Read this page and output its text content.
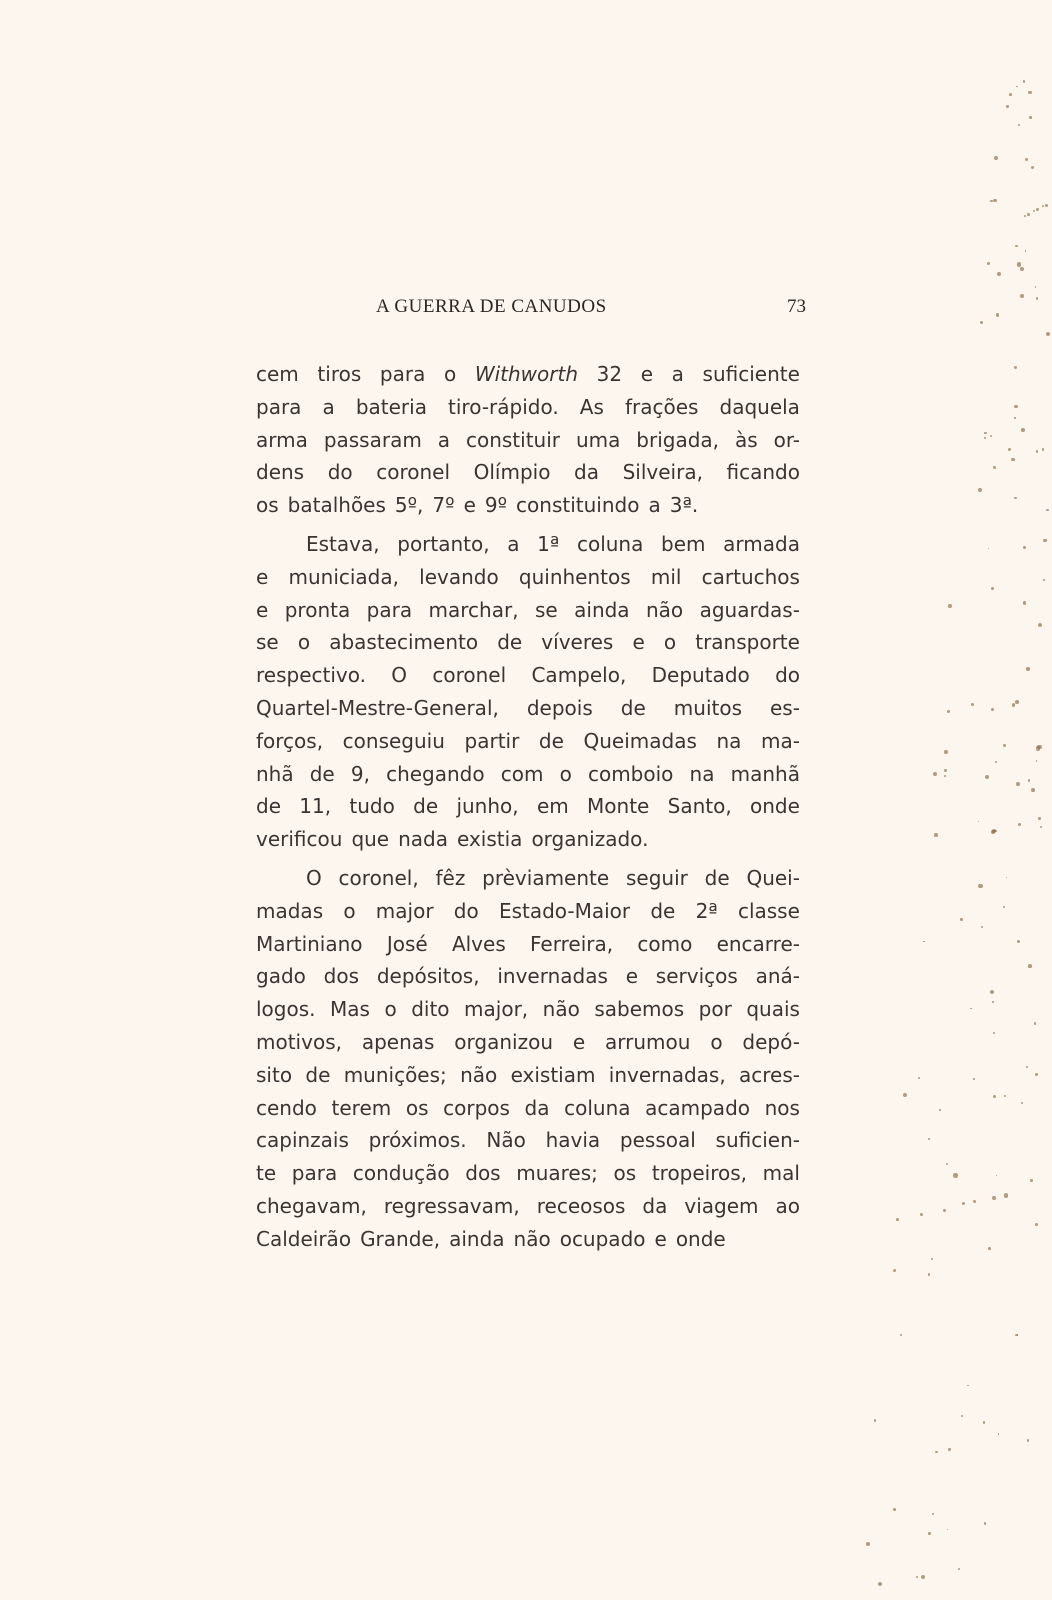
A GUERRA DE CANUDOS	73
cem tiros para o Withworth 32 e a suficiente
para a bateria tiro-rápido. As frações daquela
arma passaram a constituir uma brigada, às or-
dens do coronel Olímpio da Silveira, ficando
os batalhões 5º, 7º e 9º constituindo a 3ª.
Estava, portanto, a 1ª coluna bem armada
e municiada, levando quinhentos mil cartuchos
e pronta para marchar, se ainda não aguardas-
se o abastecimento de víveres e o transporte
respectivo. O coronel Campelo, Deputado do
Quartel-Mestre-General, depois de muitos es-
forços, conseguiu partir de Queimadas na ma-
nhã de 9, chegando com o comboio na manhã
de 11, tudo de junho, em Monte Santo, onde
verificou que nada existia organizado.
O coronel, fêz prèviamente seguir de Quei-
madas o major do Estado-Maior de 2ª classe
Martiniano José Alves Ferreira, como encarre-
gado dos depósitos, invernadas e serviços aná-
logos. Mas o dito major, não sabemos por quais
motivos, apenas organizou e arrumou o depó-
sito de munições; não existiam invernadas, acres-
cendo terem os corpos da coluna acampado nos
capinzais próximos. Não havia pessoal suficien-
te para condução dos muares; os tropeiros, mal
chegavam, regressavam, receosos da viagem ao
Caldeirão Grande, ainda não ocupado e onde
